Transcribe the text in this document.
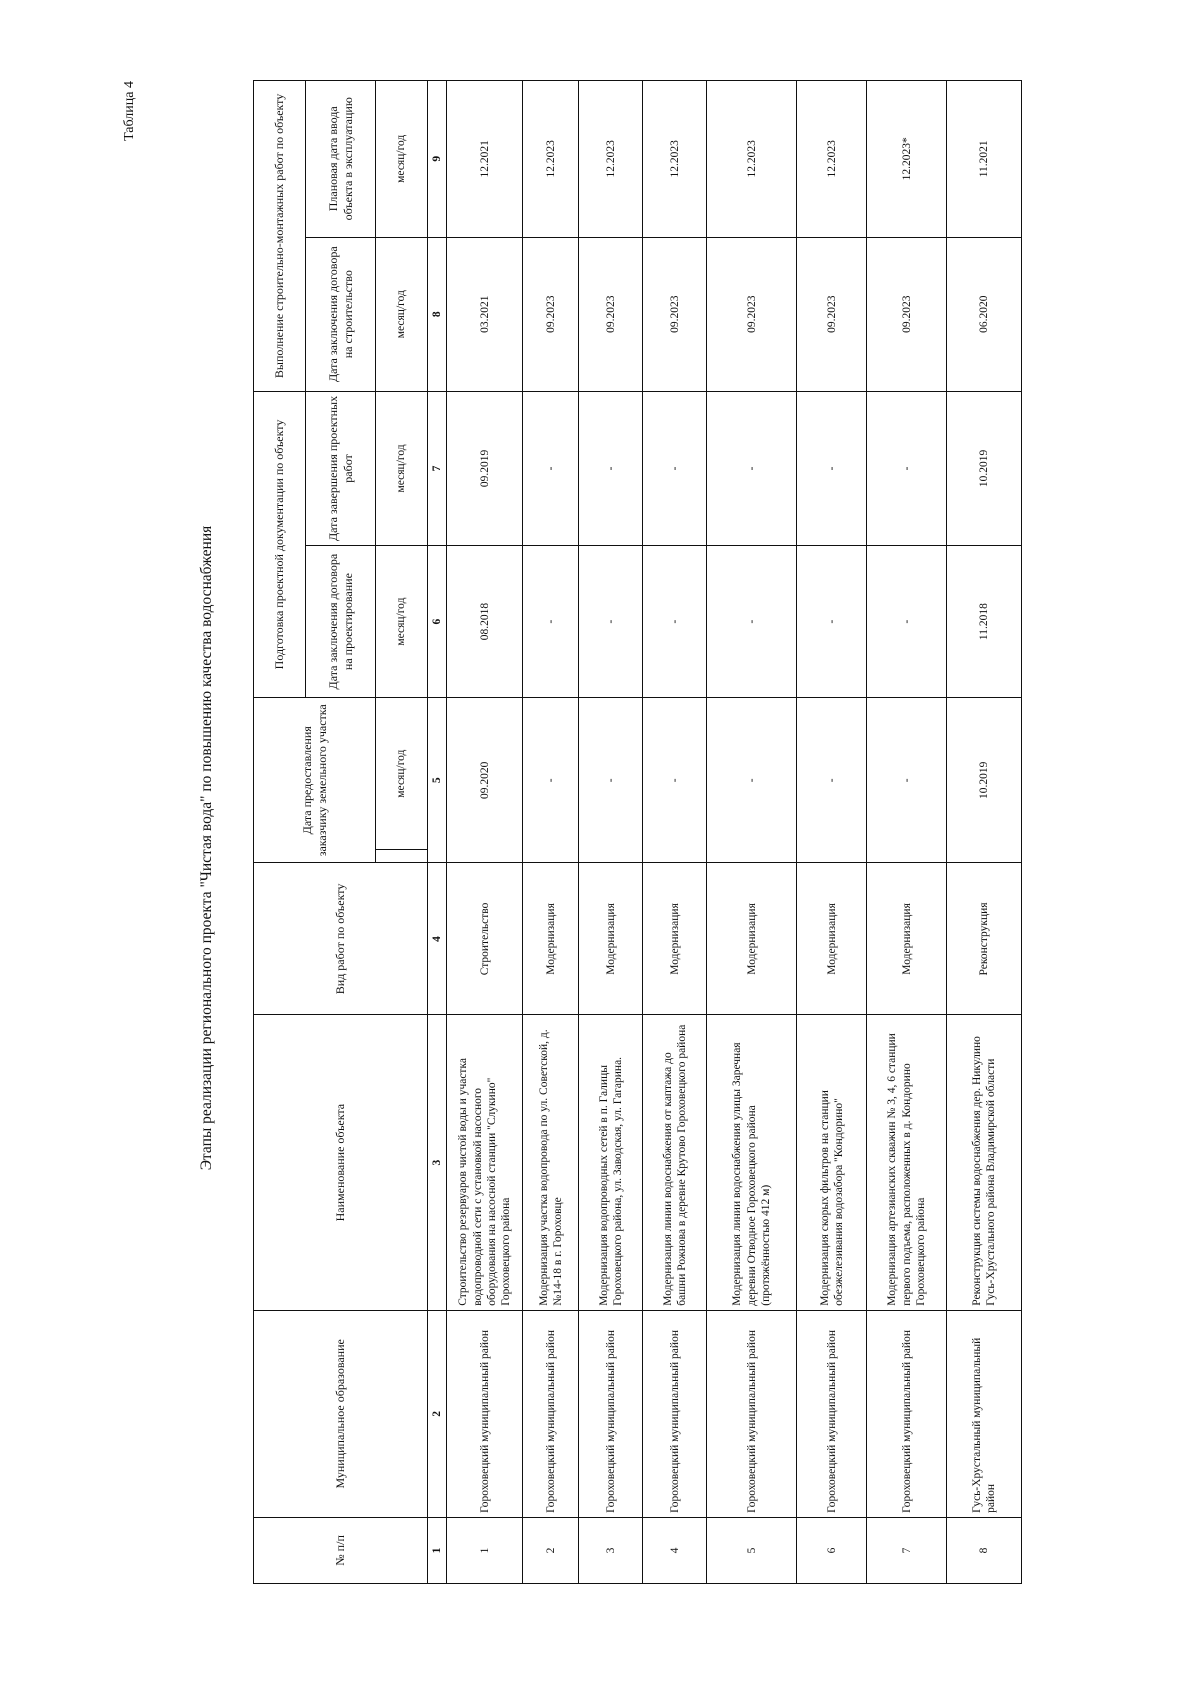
Таблица 4
Этапы реализации регионального проекта "Чистая вода" по повышению качества водоснабжения
№ п/п	Муниципальное образование	Наименование объекта	Вид работ по объекту	Дата предоставления заказчику земельного участка		Подготовка проектной документации по объекту		Выполнение строительно-монтажных работ по объекту	
						Дата заключения договора на проектирование	Дата завершения проектных работ	Дата заключения договора на строительство	Плановая дата ввода объекта в эксплуатацию
					месяц/год	месяц/год	месяц/год	месяц/год	месяц/год
1	2	3	4	5		6	7	8	9
1	Гороховецкий муниципальный район	Строительство резервуаров чистой воды и участка водопроводной сети с установкой насосного оборудования на насосной станции "Слукино" Гороховецкого района	Строительство	09.2020		08.2018	09.2019	03.2021	12.2021
2	Гороховецкий муниципальный район	Модернизация участка водопровода по ул. Советской, д. №14-18 в г. Гороховце	Модернизация	-		-	-	09.2023	12.2023
3	Гороховецкий муниципальный район	Модернизация водопроводных сетей в п. Галицы Гороховецкого района, ул. Заводская, ул. Гагарина.	Модернизация	-		-	-	09.2023	12.2023
4	Гороховецкий муниципальный район	Модернизация линии водоснабжения от каптажа до башни Рожнова в деревне Крутово Гороховецкого района	Модернизация	-		-	-	09.2023	12.2023
5	Гороховецкий муниципальный район	Модернизация линии водоснабжения улицы Заречная деревни Отводное Гороховецкого района (протяжённостью 412 м)	Модернизация	-		-	-	09.2023	12.2023
6	Гороховецкий муниципальный район	Модернизация скорых фильтров на станции обезжелезивания водозабора "Кондорино"	Модернизация	-		-	-	09.2023	12.2023
7	Гороховецкий муниципальный район	Модернизация артезианских скважин № 3, 4, 6 станции первого подъема, расположенных в д. Кондорино Гороховецкого района	Модернизация	-		-	-	09.2023	12.2023*
8	Гусь-Хрустальный муниципальный район	Реконструкция системы водоснабжения дер. Никулино Гусь-Хрустального района Владимирской области	Реконструкция	10.2019		11.2018	10.2019	06.2020	11.2021
